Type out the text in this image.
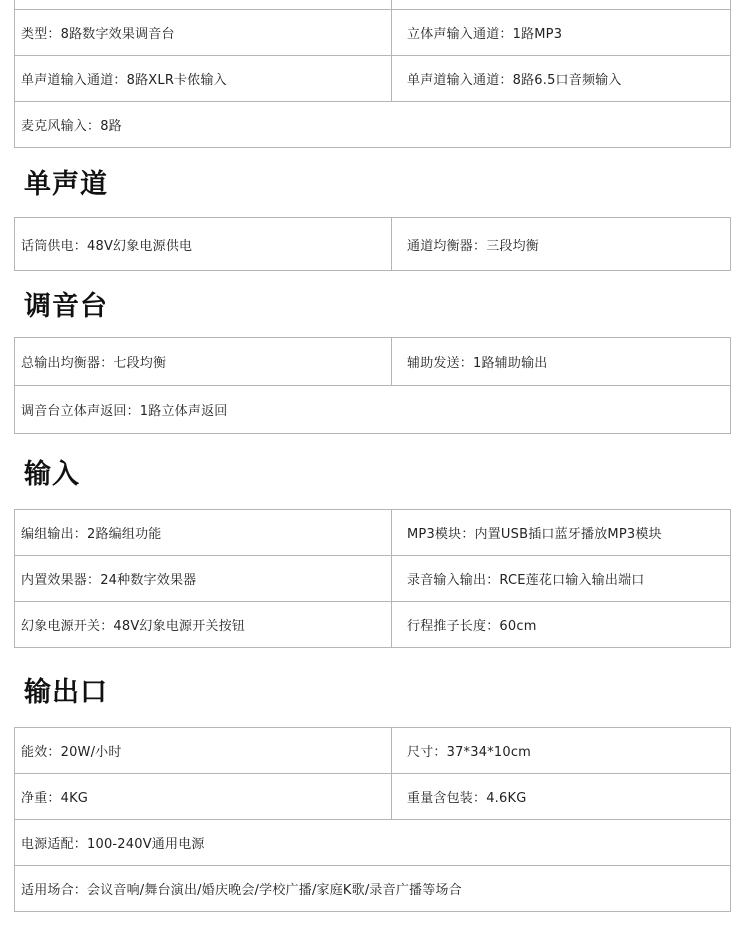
类型：8路数字效果调音台	立体声输入通道：1路MP3
单声道输入通道：8路XLR卡侬输入	单声道输入通道：8路6.5口音频输入
麦克风输入：8路
单声道
话筒供电：48V幻象电源供电	通道均衡器：三段均衡
调音台
总输出均衡器：七段均衡	辅助发送：1路辅助输出
调音台立体声返回：1路立体声返回
输入
编组输出：2路编组功能	MP3模块：内置USB插口蓝牙播放MP3模块
内置效果器：24种数字效果器	录音输入输出：RCE莲花口输入输出端口
幻象电源开关：48V幻象电源开关按钮	行程推子长度：60cm
输出口
能效：20W/小时	尺寸：37*34*10cm
净重：4KG	重量含包装：4.6KG
电源适配：100-240V通用电源
适用场合：会议音响/舞台演出/婚庆晚会/学校广播/家庭K歌/录音广播等场合
